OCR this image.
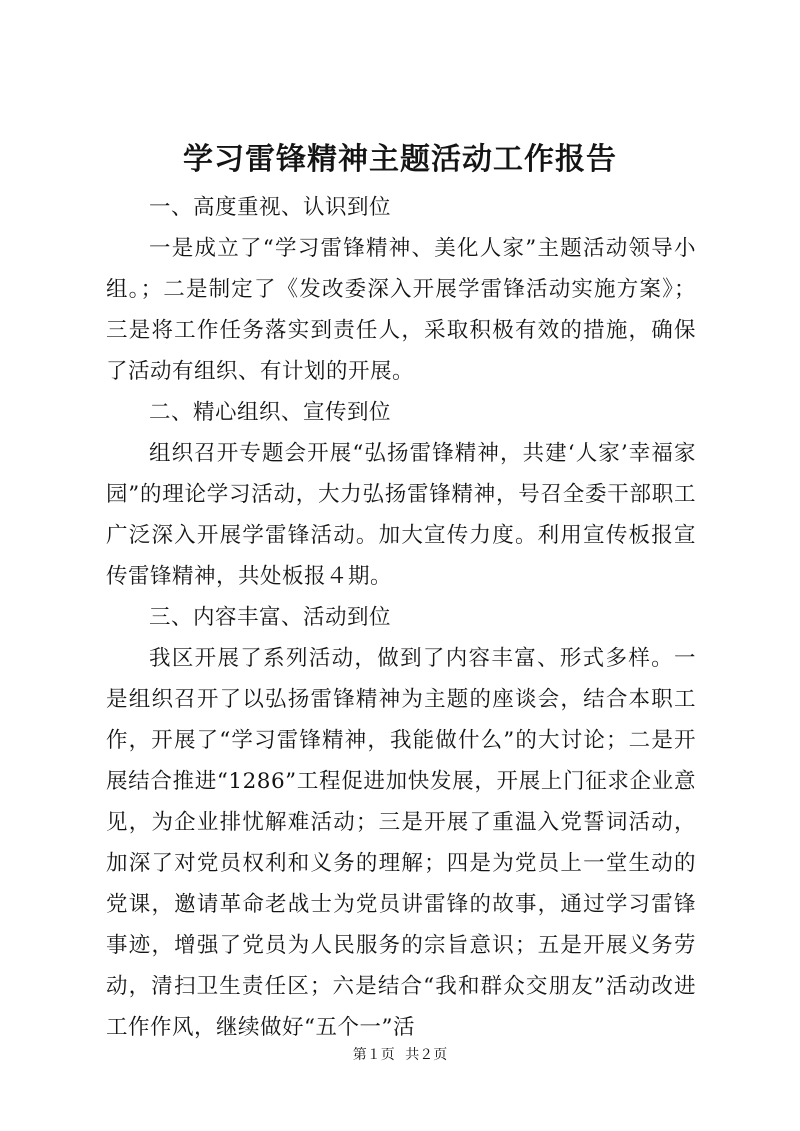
学习雷锋精神主题活动工作报告
一、高度重视、认识到位

一是成立了“学习雷锋精神、美化人家”主题活动领导小组。；二是制定了《发改委深入开展学雷锋活动实施方案》；三是将工作任务落实到责任人，采取积极有效的措施，确保了活动有组织、有计划的开展。

二、精心组织、宣传到位

组织召开专题会开展“弘扬雷锋精神，共建‘人家’幸福家园”的理论学习活动，大力弘扬雷锋精神，号召全委干部职工广泛深入开展学雷锋活动。加大宣传力度。利用宣传板报宣传雷锋精神，共处板报４期。

三、内容丰富、活动到位

我区开展了系列活动，做到了内容丰富、形式多样。一是组织召开了以弘扬雷锋精神为主题的座谈会，结合本职工作，开展了“学习雷锋精神，我能做什么”的大讨论；二是开展结合推进“1286”工程促进加快发展，开展上门征求企业意见，为企业排忧解难活动；三是开展了重温入党誓词活动，加深了对党员权利和义务的理解；四是为党员上一堂生动的党课，邀请革命老战士为党员讲雷锋的故事，通过学习雷锋事迹，增强了党员为人民服务的宗旨意识；五是开展义务劳动，清扫卫生责任区；六是结合“我和群众交朋友”活动改进工作作风，继续做好“五个一”活

第１页 共２页
